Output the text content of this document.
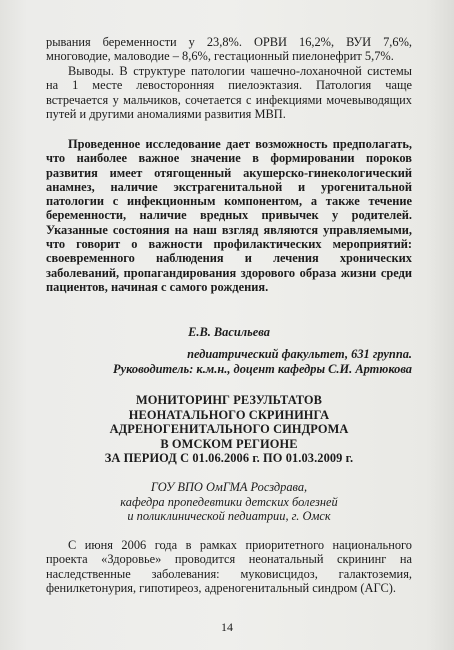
рывания беременности у 23,8%. ОРВИ 16,2%, ВУИ 7,6%, многоводие, маловодие – 8,6%, гестационный пиелонефрит 5,7%.

Выводы. В структуре патологии чашечно-лоханочной системы на 1 месте левосторонняя пиелоэктазия. Патология чаще встречается у мальчиков, сочетается с инфекциями мочевыводящих путей и другими аномалиями развития МВП.

Проведенное исследование дает возможность предполагать, что наиболее важное значение в формировании пороков развития имеет отягощенный акушерско-гинекологический анамнез, наличие экстрагенитальной и урогенитальной патологии с инфекционным компонентом, а также течение беременности, наличие вредных привычек у родителей. Указанные состояния на наш взгляд являются управляемыми, что говорит о важности профилактических мероприятий: своевременного наблюдения и лечения хронических заболеваний, пропагандирования здорового образа жизни среди пациентов, начиная с самого рождения.

Е.В. Васильева
педиатрический факультет, 631 группа.
Руководитель: к.м.н., доцент кафедры С.И. Артюкова
МОНИТОРИНГ РЕЗУЛЬТАТОВ
НЕОНАТАЛЬНОГО СКРИНИНГА
АДРЕНОГЕНИТАЛЬНОГО СИНДРОМА
В ОМСКОМ РЕГИОНЕ
ЗА ПЕРИОД С 01.06.2006 г. ПО 01.03.2009 г.
ГОУ ВПО ОмГМА Росздрава,
кафедра пропедевтики детских болезней
и поликлинической педиатрии, г. Омск

С июня 2006 года в рамках приоритетного национального проекта «Здоровье» проводится неонатальный скрининг на наследственные заболевания: муковисцидоз, галактоземия, фенилкетонурия, гипотиреоз, адреногенитальный синдром (АГС).

14
